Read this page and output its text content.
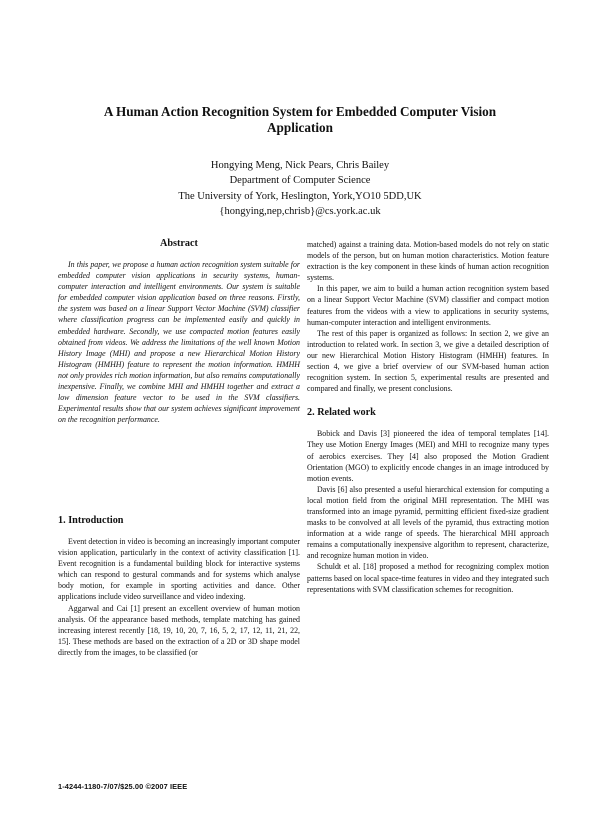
A Human Action Recognition System for Embedded Computer Vision
Application
Hongying Meng, Nick Pears, Chris Bailey
Department of Computer Science
The University of York, Heslington, York,YO10 5DD,UK
{hongying,nep,chrisb}@cs.york.ac.uk
Abstract

In this paper, we propose a human action recognition system suitable for embedded computer vision applications in security systems, human-computer interaction and intelligent environments. Our system is suitable for embedded computer vision application based on three reasons. Firstly, the system was based on a linear Support Vector Machine (SVM) classifier where classification progress can be implemented easily and quickly in embedded hardware. Secondly, we use compacted motion features easily obtained from videos. We address the limitations of the well known Motion History Image (MHI) and propose a new Hierarchical Motion History Histogram (HMHH) feature to represent the motion information. HMHH not only provides rich motion information, but also remains computationally inexpensive. Finally, we combine MHI and HMHH together and extract a low dimension feature vector to be used in the SVM classifiers. Experimental results show that our system achieves significant improvement on the recognition performance.

1. Introduction

Event detection in video is becoming an increasingly important computer vision application, particularly in the context of activity classification [1]. Event recognition is a fundamental building block for interactive systems which can respond to gestural commands and for systems which analyse body motion, for example in sporting activities and dance. Other applications include video surveillance and video indexing.

Aggarwal and Cai [1] present an excellent overview of human motion analysis. Of the appearance based methods, template matching has gained increasing interest recently [18, 19, 10, 20, 7, 16, 5, 2, 17, 12, 11, 21, 22, 15]. These methods are based on the extraction of a 2D or 3D shape model directly from the images, to be classified (or

matched) against a training data. Motion-based models do not rely on static models of the person, but on human motion characteristics. Motion feature extraction is the key component in these kinds of human action recognition systems.

In this paper, we aim to build a human action recognition system based on a linear Support Vector Machine (SVM) classifier and compact motion features from the videos with a view to applications in security systems, human-computer interaction and intelligent environments.

The rest of this paper is organized as follows: In section 2, we give an introduction to related work. In section 3, we give a detailed description of our new Hierarchical Motion History Histogram (HMHH) features. In section 4, we give a brief overview of our SVM-based human action recognition system. In section 5, experimental results are presented and compared and finally, we present conclusions.

2. Related work

Bobick and Davis [3] pioneered the idea of temporal templates [14]. They use Motion Energy Images (MEI) and MHI to recognize many types of aerobics exercises. They [4] also proposed the Motion Gradient Orientation (MGO) to explicitly encode changes in an image introduced by motion events.

Davis [6] also presented a useful hierarchical extension for computing a local motion field from the original MHI representation. The MHI was transformed into an image pyramid, permitting efficient fixed-size gradient masks to be convolved at all levels of the pyramid, thus extracting motion information at a wide range of speeds. The hierarchical MHI approach remains a computationally inexpensive algorithm to represent, characterize, and recognize human motion in video.

Schuldt et al. [18] proposed a method for recognizing complex motion patterns based on local space-time features in video and they integrated such representations with SVM classification schemes for recognition.

1-4244-1180-7/07/$25.00 ©2007 IEEE
